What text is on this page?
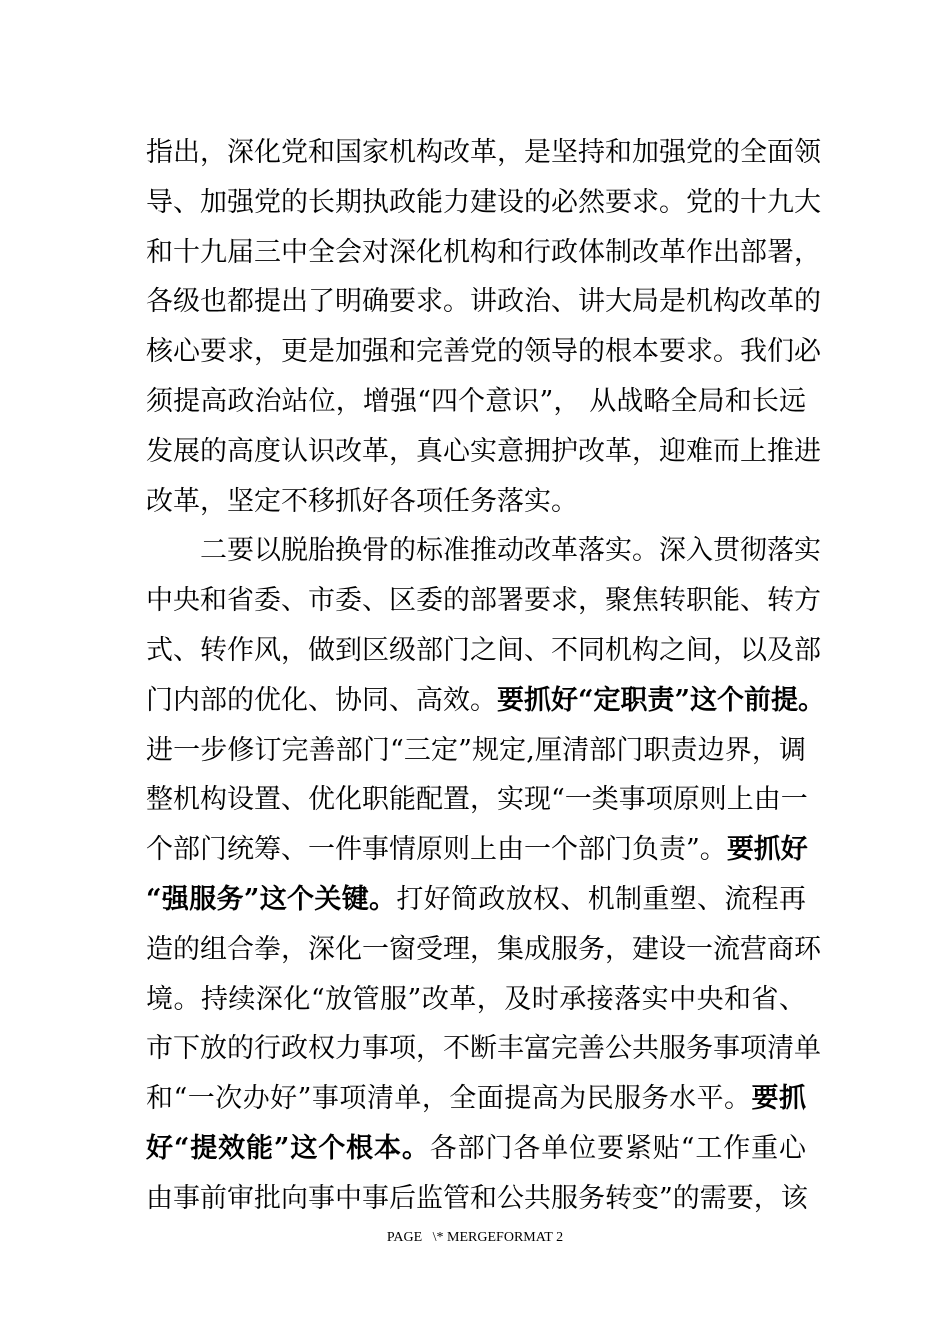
指出，深化党和国家机构改革，是坚持和加强党的全面领
导、加强党的长期执政能力建设的必然要求。党的十九大
和十九届三中全会对深化机构和行政体制改革作出部署，
各级也都提出了明确要求。讲政治、讲大局是机构改革的
核心要求，更是加强和完善党的领导的根本要求。我们必
须提高政治站位，增强“四个意识”， 从战略全局和长远
发展的高度认识改革，真心实意拥护改革，迎难而上推进
改革，坚定不移抓好各项任务落实。
二要以脱胎换骨的标准推动改革落实。深入贯彻落实
中央和省委、市委、区委的部署要求，聚焦转职能、转方
式、转作风，做到区级部门之间、不同机构之间，以及部
门内部的优化、协同、高效。要抓好“定职责”这个前提。
进一步修订完善部门“三定”规定,厘清部门职责边界，调
整机构设置、优化职能配置，实现“一类事项原则上由一
个部门统筹、一件事情原则上由一个部门负责”。要抓好
“强服务”这个关键。打好简政放权、机制重塑、流程再
造的组合拳，深化一窗受理，集成服务，建设一流营商环
境。持续深化“放管服”改革，及时承接落实中央和省、
市下放的行政权力事项，不断丰富完善公共服务事项清单
和“一次办好”事项清单，全面提高为民服务水平。要抓
好“提效能”这个根本。各部门各单位要紧贴“工作重心
由事前审批向事中事后监管和公共服务转变”的需要，该
PAGE   \* MERGEFORMAT 2
